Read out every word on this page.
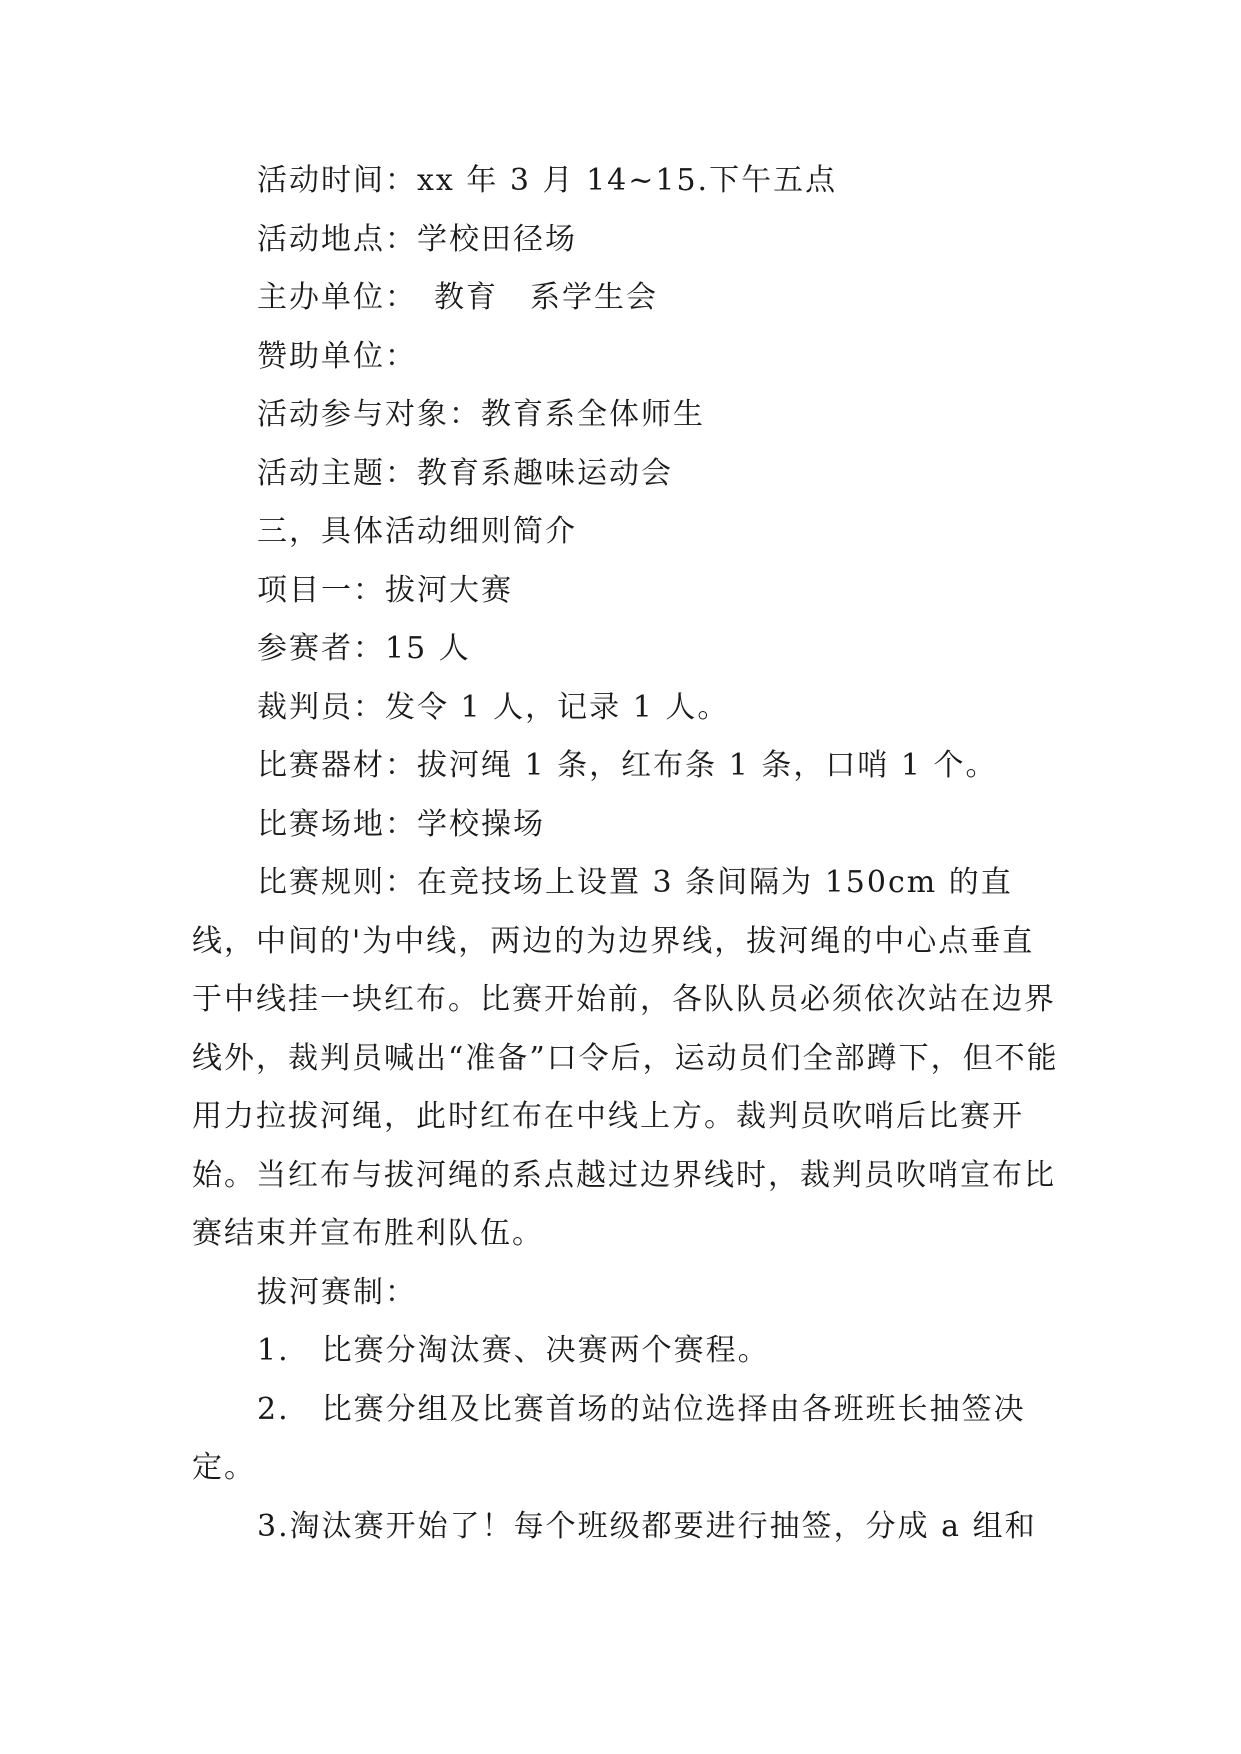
活动时间：xx 年 3 月 14~15.下午五点
活动地点：学校田径场
主办单位：　教育　系学生会
赞助单位：
活动参与对象：教育系全体师生
活动主题：教育系趣味运动会
三，具体活动细则简介
项目一：拔河大赛
参赛者：15 人
裁判员：发令 1 人，记录 1 人。
比赛器材：拔河绳 1 条，红布条 1 条，口哨 1 个。
比赛场地：学校操场

比赛规则：在竞技场上设置 3 条间隔为 150cm 的直线，中间的'为中线，两边的为边界线，拔河绳的中心点垂直于中线挂一块红布。比赛开始前，各队队员必须依次站在边界线外，裁判员喊出“准备”口令后，运动员们全部蹲下，但不能用力拉拔河绳，此时红布在中线上方。裁判员吹哨后比赛开始。当红布与拔河绳的系点越过边界线时，裁判员吹哨宣布比赛结束并宣布胜利队伍。

拔河赛制：
1.　比赛分淘汰赛、决赛两个赛程。

2.　比赛分组及比赛首场的站位选择由各班班长抽签决定。

3.淘汰赛开始了！每个班级都要进行抽签，分成 a 组和
